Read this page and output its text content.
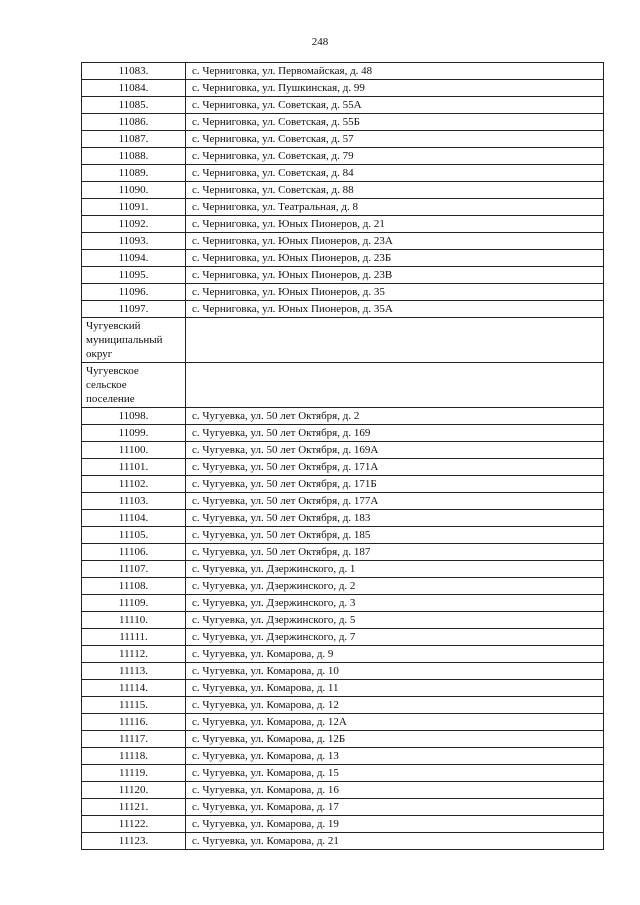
248
11083.	с. Черниговка, ул. Первомайская, д. 48
11084.	с. Черниговка, ул. Пушкинская, д. 99
11085.	с. Черниговка, ул. Советская, д. 55А
11086.	с. Черниговка, ул. Советская, д. 55Б
11087.	с. Черниговка, ул. Советская, д. 57
11088.	с. Черниговка, ул. Советская, д. 79
11089.	с. Черниговка, ул. Советская, д. 84
11090.	с. Черниговка, ул. Советская, д. 88
11091.	с. Черниговка, ул. Театральная, д. 8
11092.	с. Черниговка, ул. Юных Пионеров, д. 21
11093.	с. Черниговка, ул. Юных Пионеров, д. 23А
11094.	с. Черниговка, ул. Юных Пионеров, д. 23Б
11095.	с. Черниговка, ул. Юных Пионеров, д. 23В
11096.	с. Черниговка, ул. Юных Пионеров, д. 35
11097.	с. Черниговка, ул. Юных Пионеров, д. 35А

Чугуевский
муниципальный
округ	

Чугуевское
сельское
поселение	

11098.	с. Чугуевка, ул. 50 лет Октября, д. 2
11099.	с. Чугуевка, ул. 50 лет Октября, д. 169
11100.	с. Чугуевка, ул. 50 лет Октября, д. 169А
11101.	с. Чугуевка, ул. 50 лет Октября, д. 171А
11102.	с. Чугуевка, ул. 50 лет Октября, д. 171Б
11103.	с. Чугуевка, ул. 50 лет Октября, д. 177А
11104.	с. Чугуевка, ул. 50 лет Октября, д. 183
11105.	с. Чугуевка, ул. 50 лет Октября, д. 185
11106.	с. Чугуевка, ул. 50 лет Октября, д. 187
11107.	с. Чугуевка, ул. Дзержинского, д. 1
11108.	с. Чугуевка, ул. Дзержинского, д. 2
11109.	с. Чугуевка, ул. Дзержинского, д. 3
11110.	с. Чугуевка, ул. Дзержинского, д. 5
11111.	с. Чугуевка, ул. Дзержинского, д. 7
11112.	с. Чугуевка, ул. Комарова, д. 9
11113.	с. Чугуевка, ул. Комарова, д. 10
11114.	с. Чугуевка, ул. Комарова, д. 11
11115.	с. Чугуевка, ул. Комарова, д. 12
11116.	с. Чугуевка, ул. Комарова, д. 12А
11117.	с. Чугуевка, ул. Комарова, д. 12Б
11118.	с. Чугуевка, ул. Комарова, д. 13
11119.	с. Чугуевка, ул. Комарова, д. 15
11120.	с. Чугуевка, ул. Комарова, д. 16
11121.	с. Чугуевка, ул. Комарова, д. 17
11122.	с. Чугуевка, ул. Комарова, д. 19
11123.	с. Чугуевка, ул. Комарова, д. 21
